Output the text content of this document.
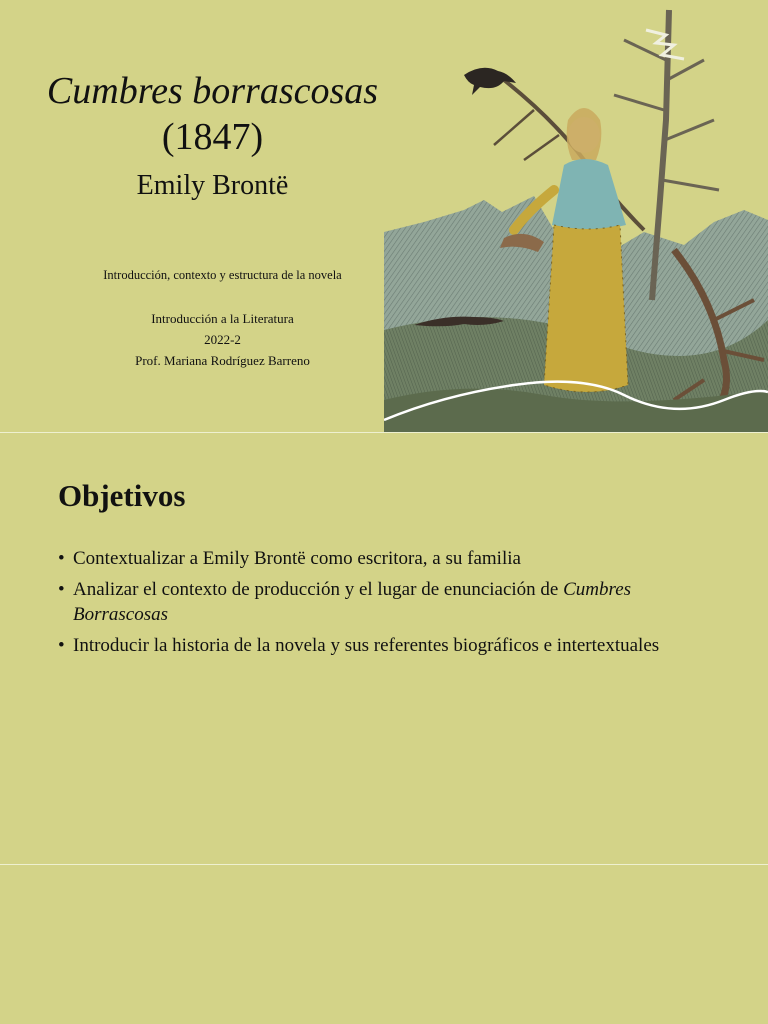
Cumbres borrascosas
(1847)
Emily Brontë
Introducción, contexto y estructura de la novela
Introducción a la Literatura
2022-2
Prof. Mariana Rodríguez Barreno
Objetivos
• Contextualizar a Emily Brontë como escritora, a su familia
• Analizar el contexto de producción y el lugar de enunciación de Cumbres Borrascosas
• Introducir la historia de la novela y sus referentes biográficos e intertextuales
